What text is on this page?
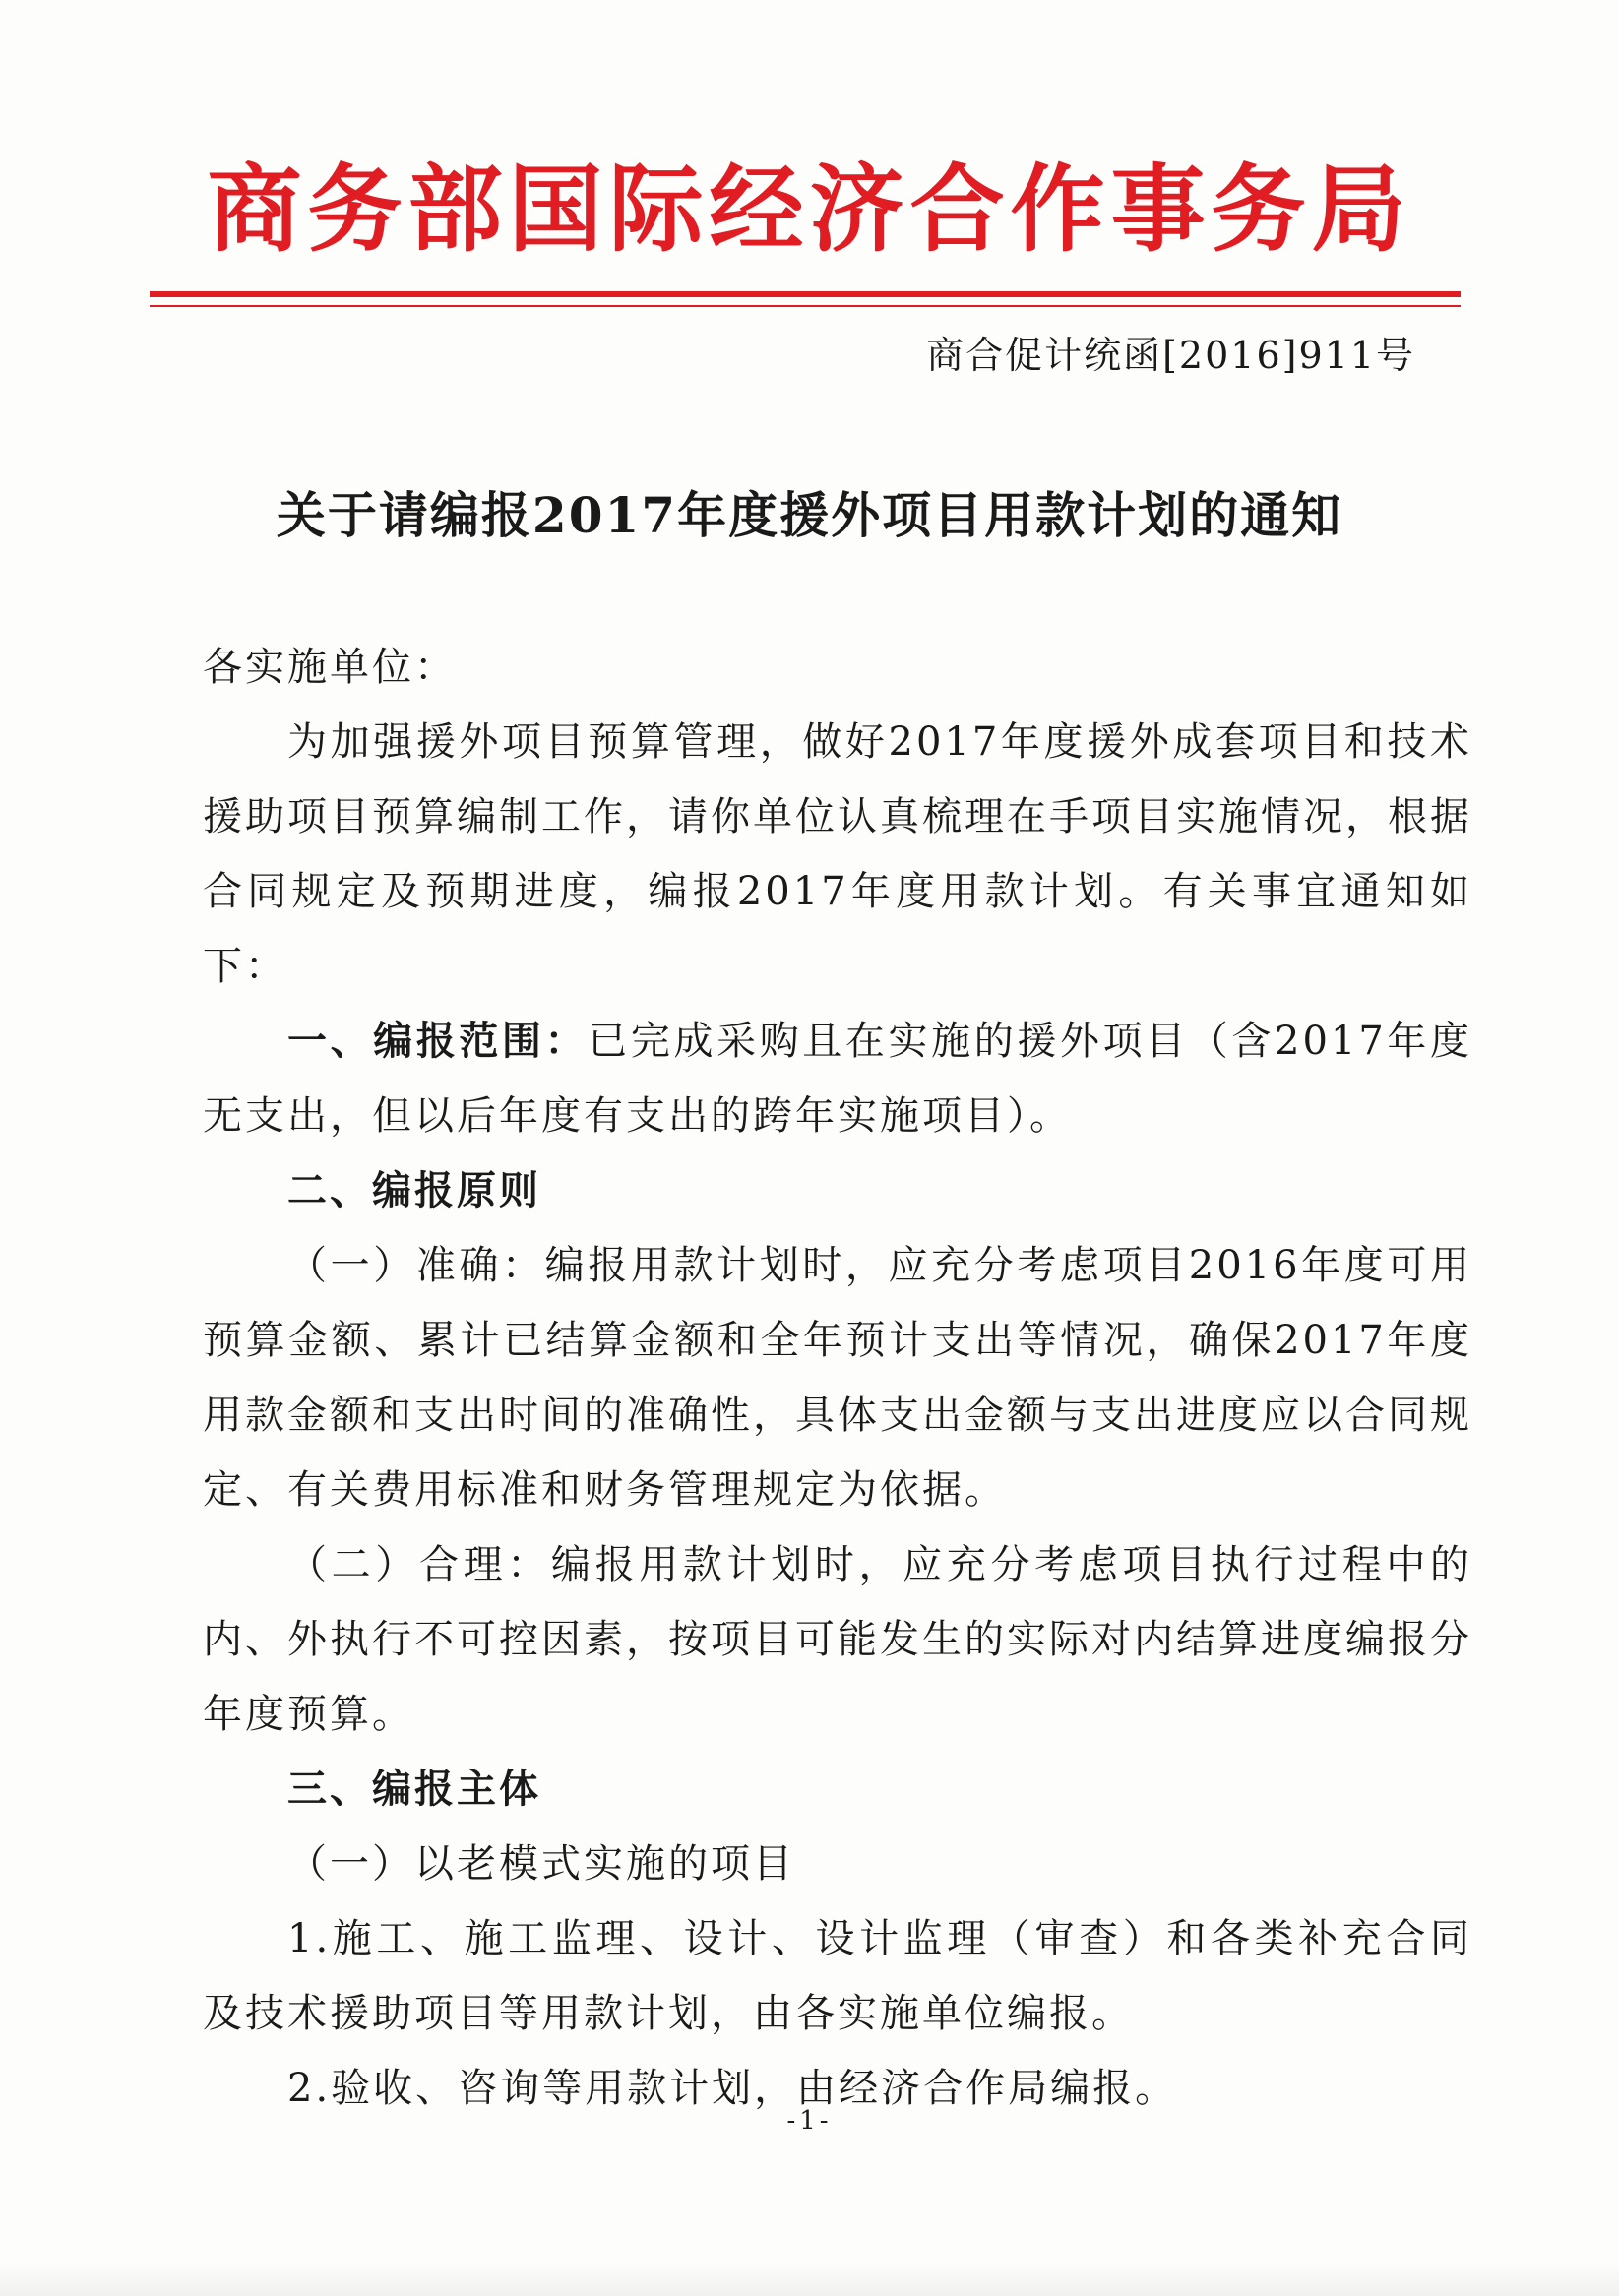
商务部国际经济合作事务局
商合促计统函[2016]911号
关于请编报2017年度援外项目用款计划的通知

各实施单位：

为加强援外项目预算管理，做好2017年度援外成套项目和技术援助项目预算编制工作，请你单位认真梳理在手项目实施情况，根据合同规定及预期进度，编报2017年度用款计划。有关事宜通知如下：

一、编报范围：已完成采购且在实施的援外项目（含2017年度无支出，但以后年度有支出的跨年实施项目）。

二、编报原则

（一）准确：编报用款计划时，应充分考虑项目2016年度可用预算金额、累计已结算金额和全年预计支出等情况，确保2017年度用款金额和支出时间的准确性，具体支出金额与支出进度应以合同规定、有关费用标准和财务管理规定为依据。

（二）合理：编报用款计划时，应充分考虑项目执行过程中的内、外执行不可控因素，按项目可能发生的实际对内结算进度编报分年度预算。

三、编报主体

（一）以老模式实施的项目

1.施工、施工监理、设计、设计监理（审查）和各类补充合同及技术援助项目等用款计划，由各实施单位编报。

2.验收、咨询等用款计划，由经济合作局编报。

-1-
